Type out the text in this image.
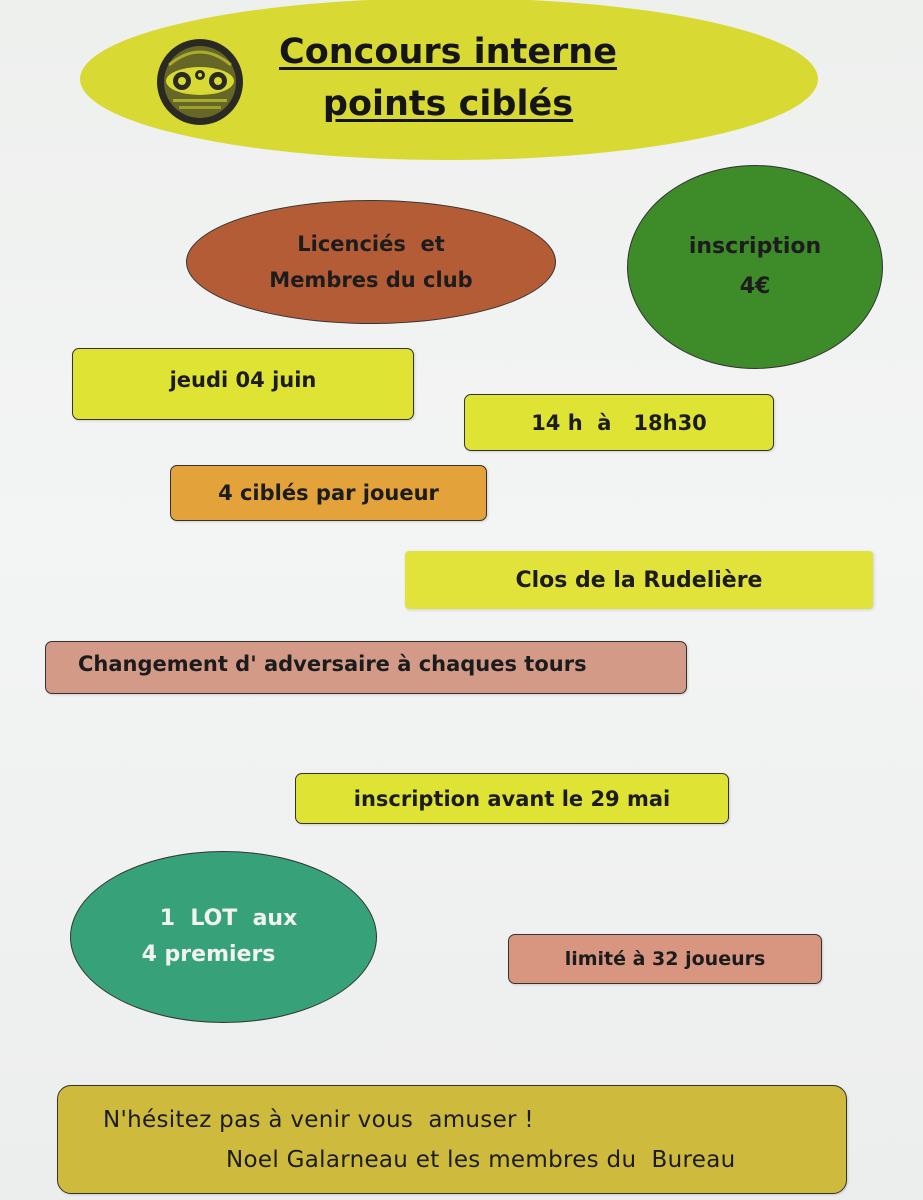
Concours interne
points ciblés
Licenciés  et
Membres du club
inscription
4€
jeudi 04 juin
14 h  à   18h30
4 ciblés par joueur
Clos de la Rudelière
Changement d' adversaire à chaques tours
inscription avant le 29 mai
1  LOT  aux
4 premiers	limité à 32 joueurs
N'hésitez pas à venir vous  amuser !
Noel Galarneau et les membres du  Bureau
